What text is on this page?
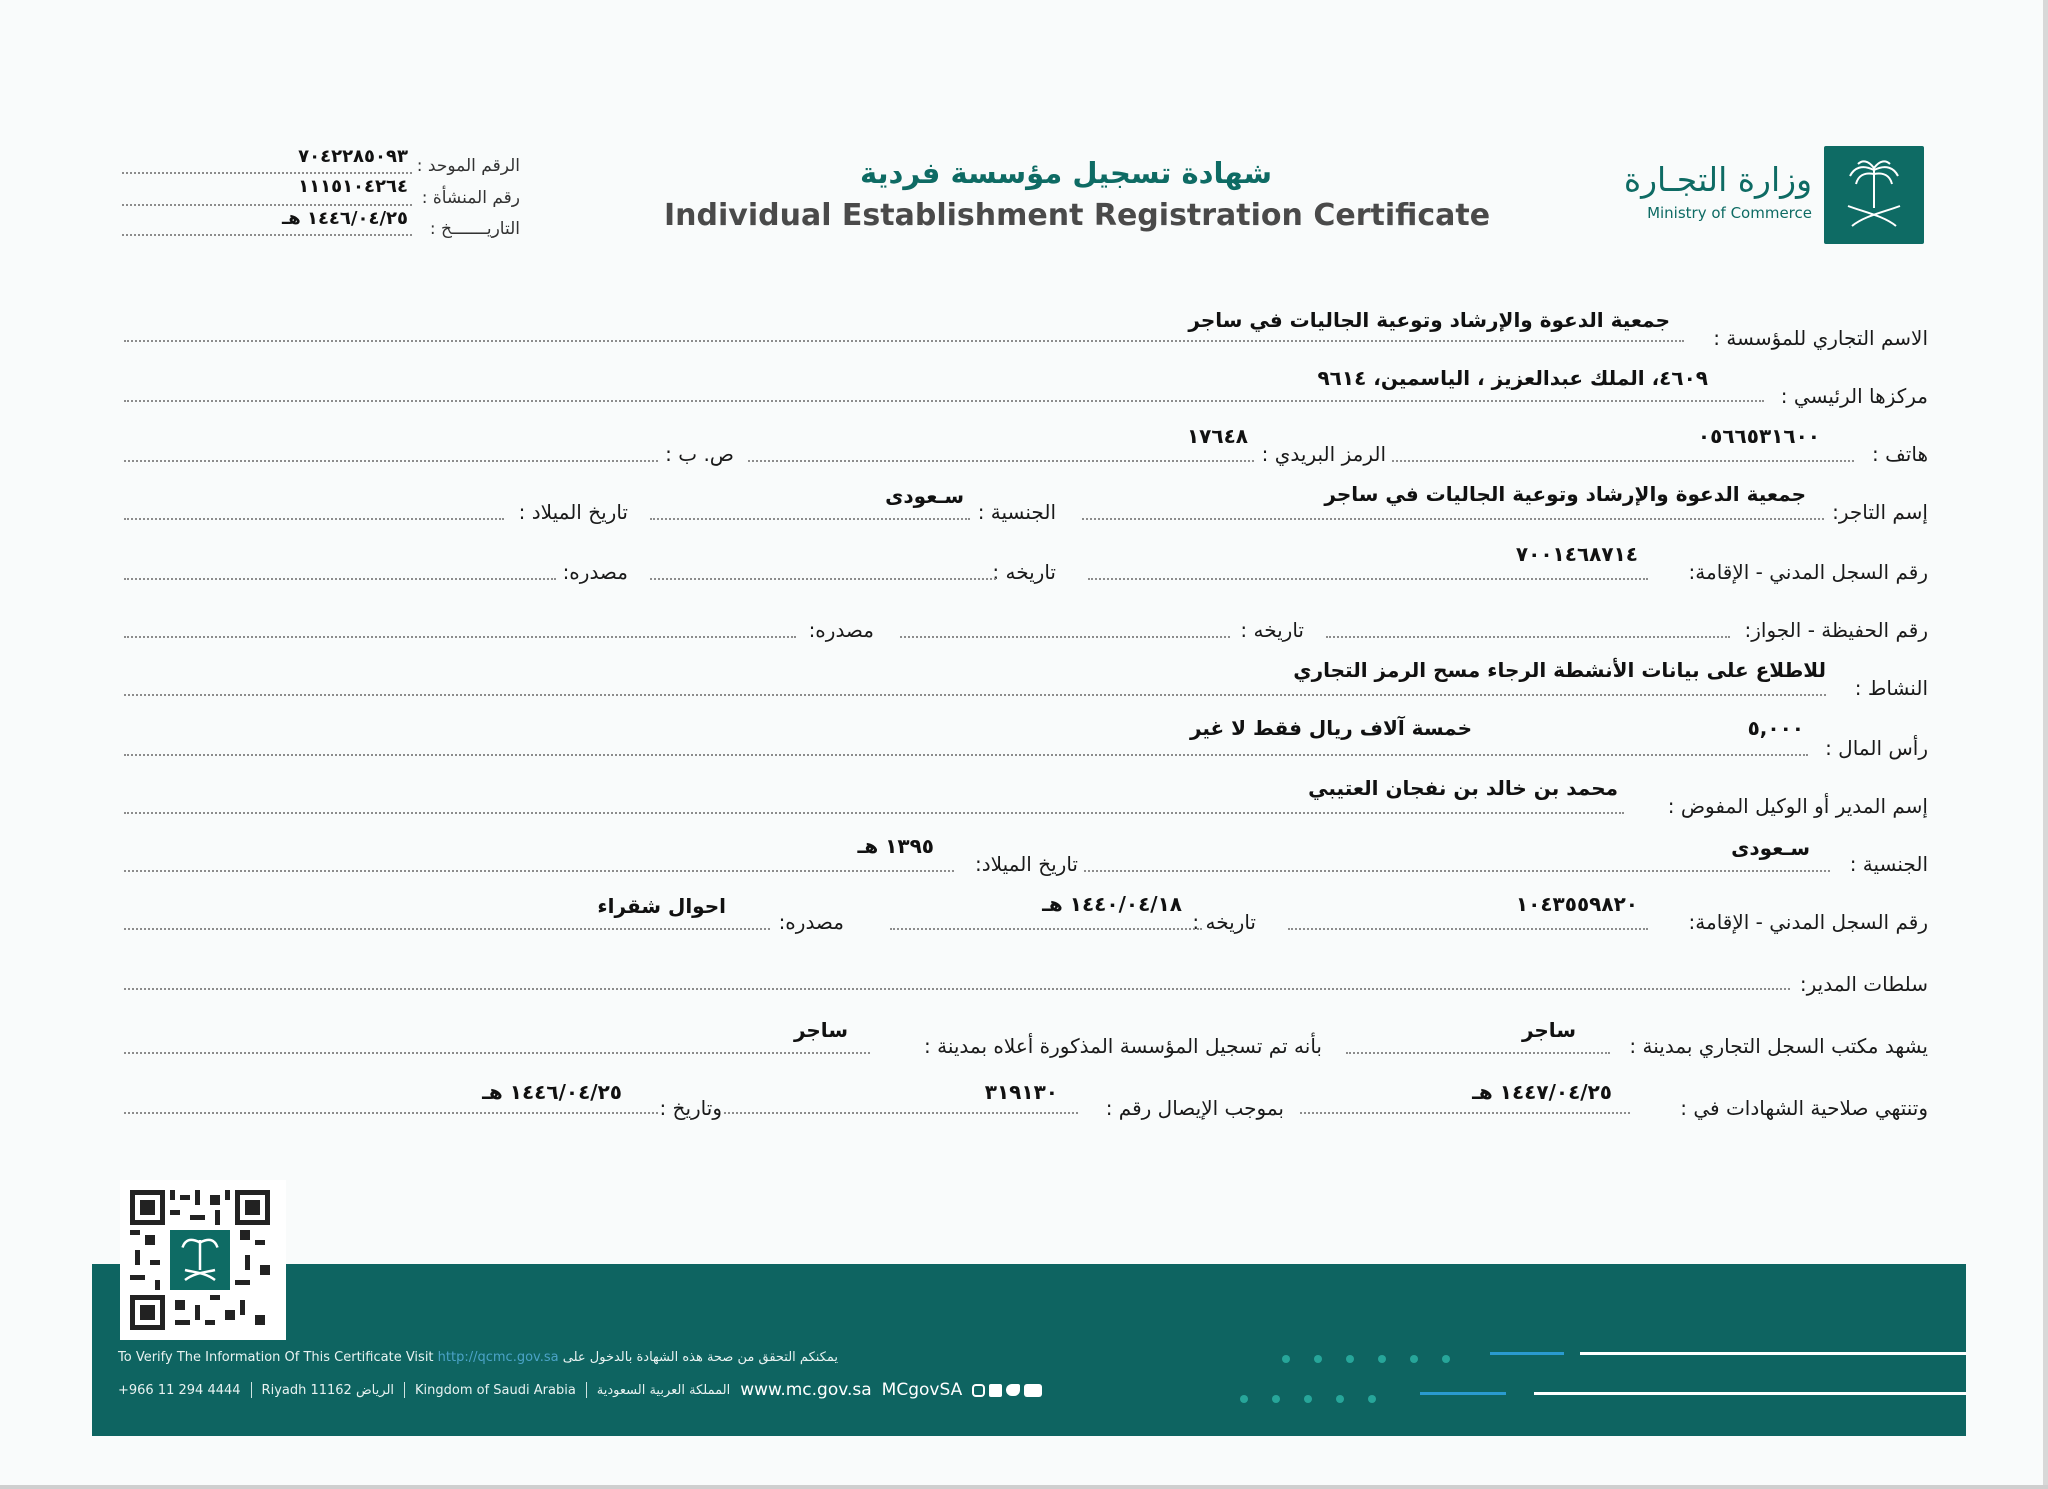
وزارة التجـارة
Ministry of Commerce
شهادة تسجيل مؤسسة فردية
Individual Establishment Registration Certificate
الرقم الموحد :
٧٠٤٢٢٨٥٠٩٣
رقم المنشأة :
١١١٥١٠٤٢٦٤
التاريـــــــخ :
١٤٤٦/٠٤/٢٥ هـ
الاسم التجاري للمؤسسة :
جمعية الدعوة والإرشاد وتوعية الجاليات في ساجر
مركزها الرئيسي :
٤٦٠٩، الملك عبدالعزيز ، الياسمين، ٩٦١٤
هاتف :
٠٥٦٦٥٣١٦٠٠
الرمز البريدي :
١٧٦٤٨
ص. ب :
إسم التاجر:
جمعية الدعوة والإرشاد وتوعية الجاليات في ساجر
الجنسية :
سـعودى
تاريخ الميلاد :
رقم السجل المدني - الإقامة:
٧٠٠١٤٦٨٧١٤
تاريخه :
مصدره:
رقم الحفيظة - الجواز:
تاريخه :
مصدره:
النشاط :
للاطلاع على بيانات الأنشطة الرجاء مسح الرمز التجاري
رأس المال :
٥,٠٠٠
خمسة آلاف ريال فقط لا غير
إسم المدير أو الوكيل المفوض :
محمد بن خالد بن نفجان العتيبي
الجنسية :
سـعودى
تاريخ الميلاد:
١٣٩٥ هـ
رقم السجل المدني - الإقامة:
١٠٤٣٥٥٩٨٢٠
تاريخه :
١٤٤٠/٠٤/١٨ هـ
مصدره:
احوال شقراء
سلطات المدير:
يشهد مكتب السجل التجاري بمدينة :
ساجر
بأنه تم تسجيل المؤسسة المذكورة أعلاه بمدينة :
ساجر
وتنتهي صلاحية الشهادات في :
١٤٤٧/٠٤/٢٥ هـ
بموجب الإيصال رقم :
٣١٩١٣٠
وتاريخ :
١٤٤٦/٠٤/٢٥ هـ
To Verify The Information Of This Certificate Visit http://qcmc.gov.sa يمكنكم التحقق من صحة هذه الشهادة بالدخول على
+966 11 294 4444 Riyadh 11162 الرياض Kingdom of Saudi Arabia المملكة العربية السعودية www.mc.gov.sa MCgovSA
